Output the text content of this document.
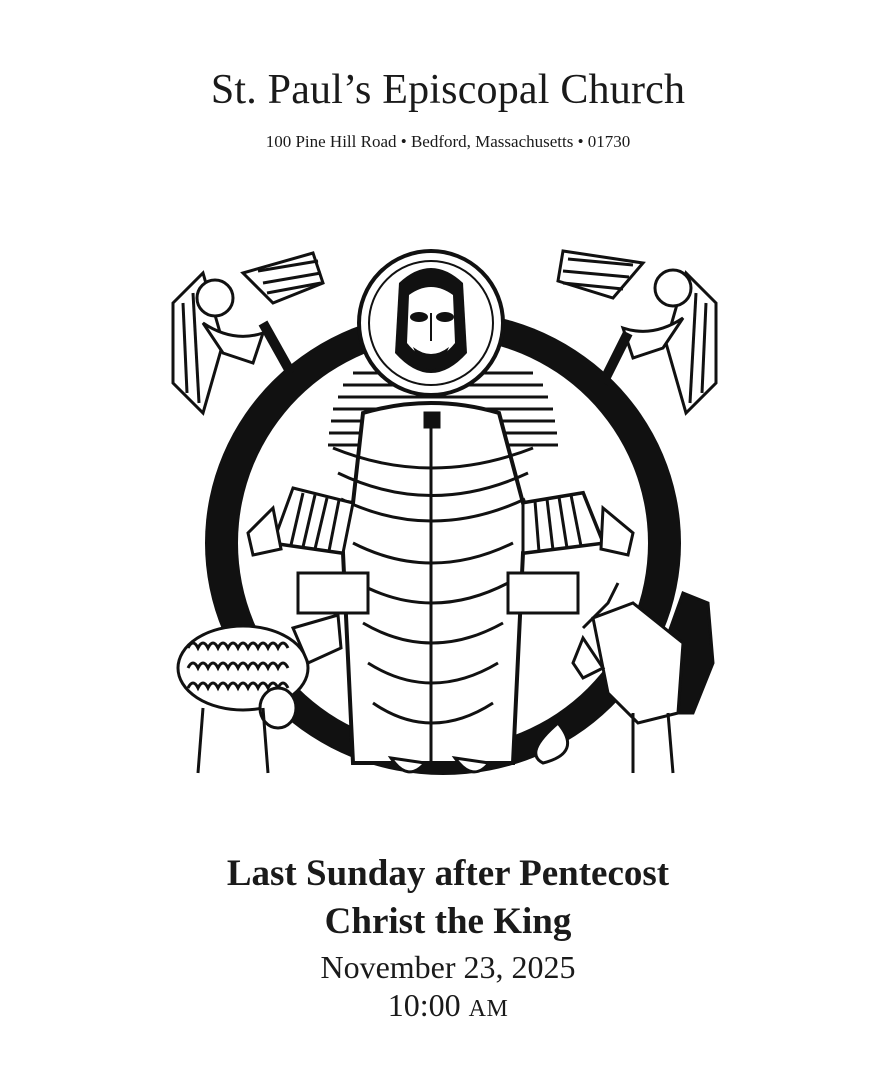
St. Paul’s Episcopal Church

100 Pine Hill Road • Bedford, Massachusetts • 01730

Last Sunday after Pentecost
Christ the King

November 23, 2025

10:00 AM
